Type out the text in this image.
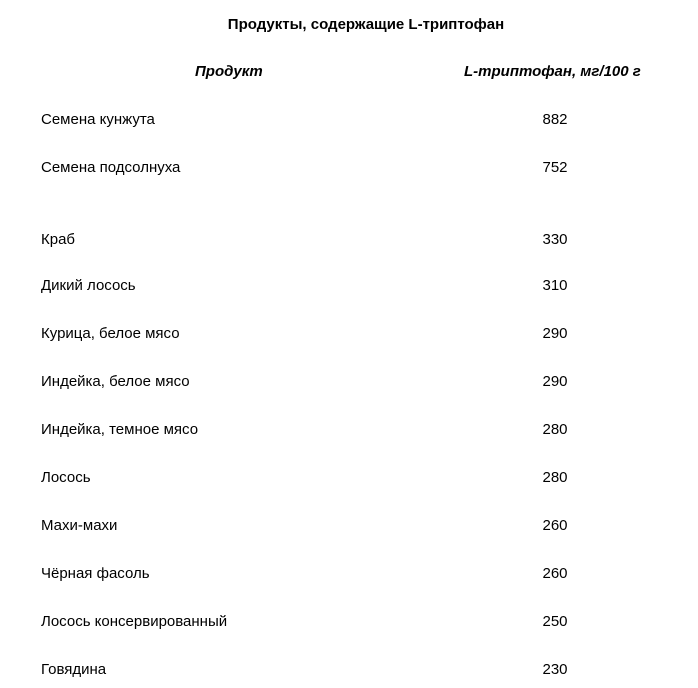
Продукты, содержащие L-триптофан
Продукт	L-триптофан, мг/100 г
Семена кунжута	882
Семена подсолнуха	752
Краб	330
Дикий лосось	310
Курица, белое мясо	290
Индейка, белое мясо	290
Индейка, темное мясо	280
Лосось	280
Махи-махи	260
Чёрная фасоль	260
Лосось консервированный	250
Говядина	230
